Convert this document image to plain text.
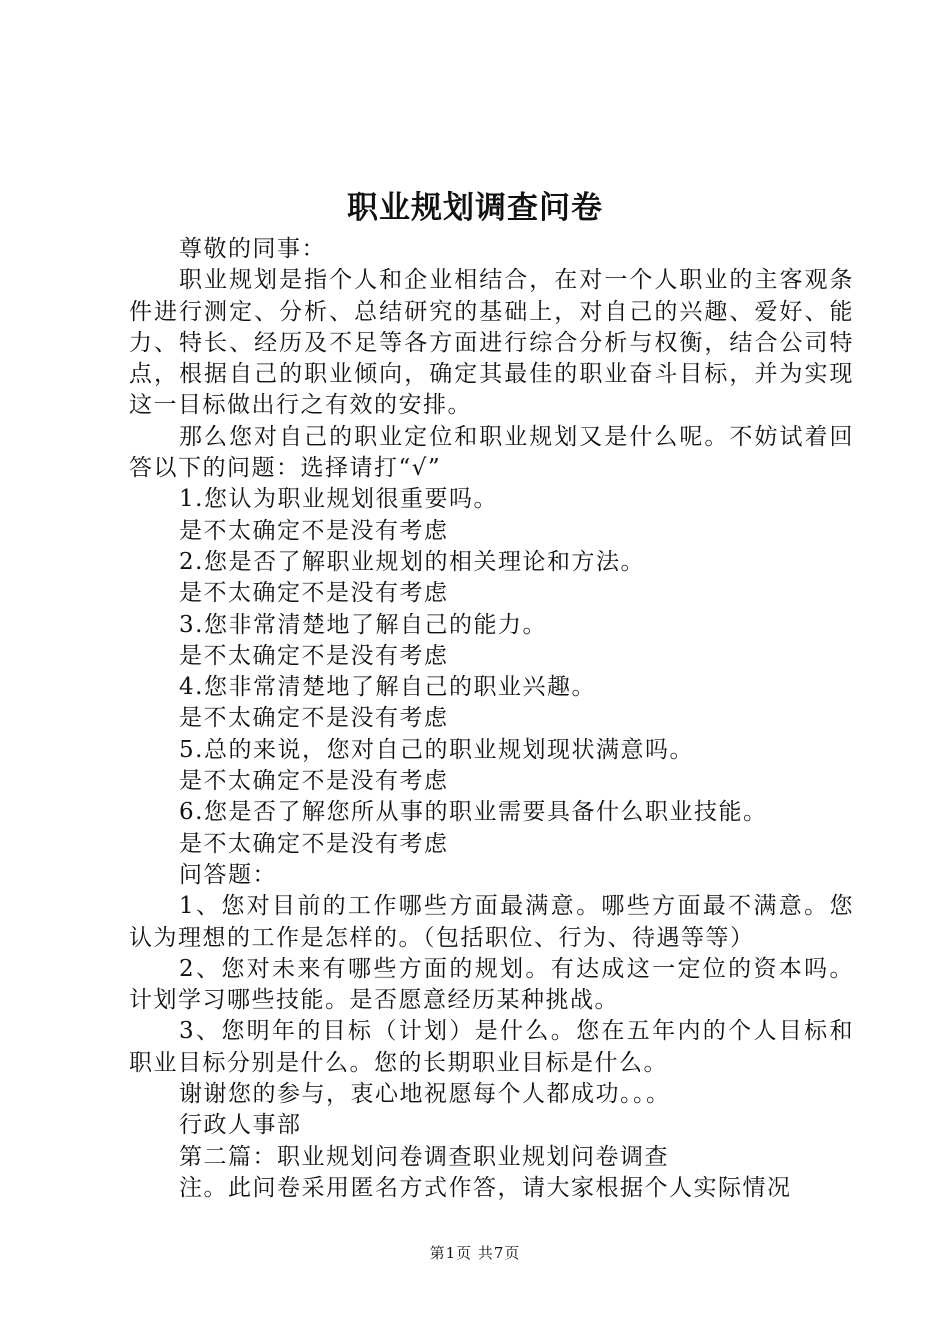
职业规划调查问卷

尊敬的同事：

职业规划是指个人和企业相结合，在对一个人职业的主客观条件进行测定、分析、总结研究的基础上，对自己的兴趣、爱好、能力、特长、经历及不足等各方面进行综合分析与权衡，结合公司特点，根据自己的职业倾向，确定其最佳的职业奋斗目标，并为实现这一目标做出行之有效的安排。

那么您对自己的职业定位和职业规划又是什么呢。不妨试着回答以下的问题：选择请打“√”

1.您认为职业规划很重要吗。

是不太确定不是没有考虑

2.您是否了解职业规划的相关理论和方法。

是不太确定不是没有考虑

3.您非常清楚地了解自己的能力。

是不太确定不是没有考虑

4.您非常清楚地了解自己的职业兴趣。

是不太确定不是没有考虑

5.总的来说，您对自己的职业规划现状满意吗。

是不太确定不是没有考虑

6.您是否了解您所从事的职业需要具备什么职业技能。

是不太确定不是没有考虑

问答题：

1、您对目前的工作哪些方面最满意。哪些方面最不满意。您认为理想的工作是怎样的。（包括职位、行为、待遇等等）

2、您对未来有哪些方面的规划。有达成这一定位的资本吗。计划学习哪些技能。是否愿意经历某种挑战。

3、您明年的目标（计划）是什么。您在五年内的个人目标和职业目标分别是什么。您的长期职业目标是什么。

谢谢您的参与，衷心地祝愿每个人都成功。。。

行政人事部

第二篇：职业规划问卷调查职业规划问卷调查

注。此问卷采用匿名方式作答，请大家根据个人实际情况

第1页 共7页
